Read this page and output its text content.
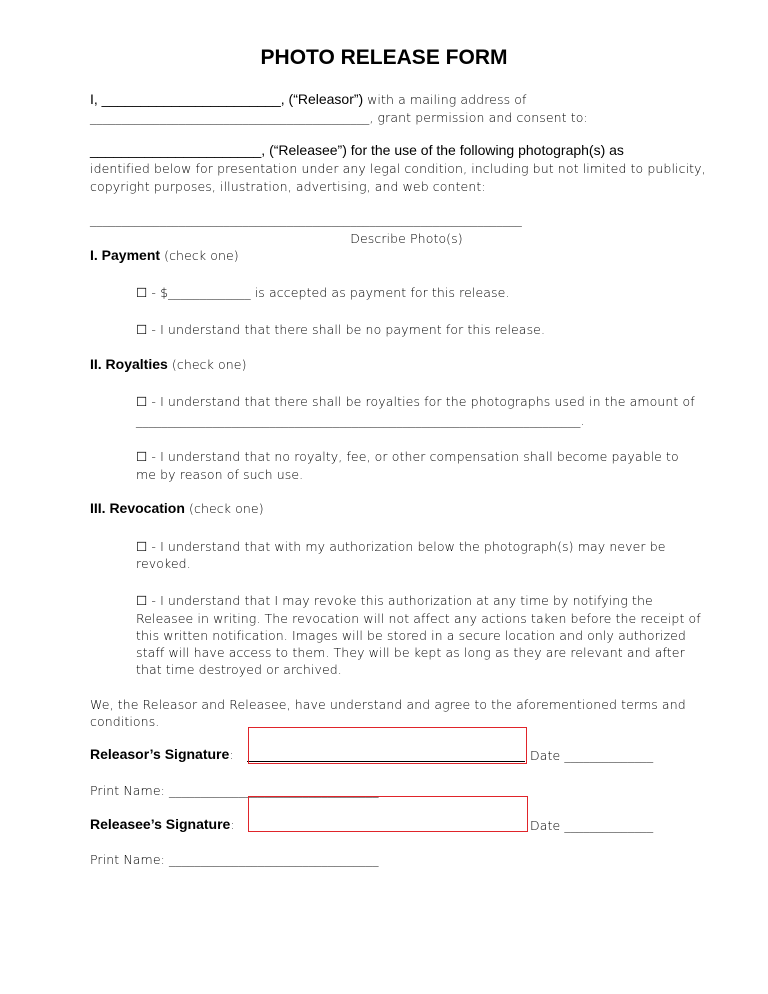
PHOTO RELEASE FORM
I, _______________________, (“Releasor”) with a mailing address of
____________________________________________, grant permission and consent to:
______________________, (“Releasee”) for the use of the following photograph(s) as
identified below for presentation under any legal condition, including but not limited to publicity,
copyright purposes, illustration, advertising, and web content:
____________________________________________________________________
Describe Photo(s)
I. Payment (check one)
☐ - $_____________ is accepted as payment for this release.
☐ - I understand that there shall be no payment for this release.
II. Royalties (check one)
☐ - I understand that there shall be royalties for the photographs used in the amount of
______________________________________________________________________.
☐ - I understand that no royalty, fee, or other compensation shall become payable to
me by reason of such use.
III. Revocation (check one)
☐ - I understand that with my authorization below the photograph(s) may never be
revoked.
☐ - I understand that I may revoke this authorization at any time by notifying the
Releasee in writing. The revocation will not affect any actions taken before the receipt of
this written notification. Images will be stored in a secure location and only authorized
staff will have access to them. They will be kept as long as they are relevant and after
that time destroyed or archived.
We, the Releasor and Releasee, have understand and agree to the aforementioned terms and
conditions.
Releasor’s Signature:	Date ______________
Print Name: _________________________________
Releasee’s Signature:	Date ______________
Print Name: _________________________________
